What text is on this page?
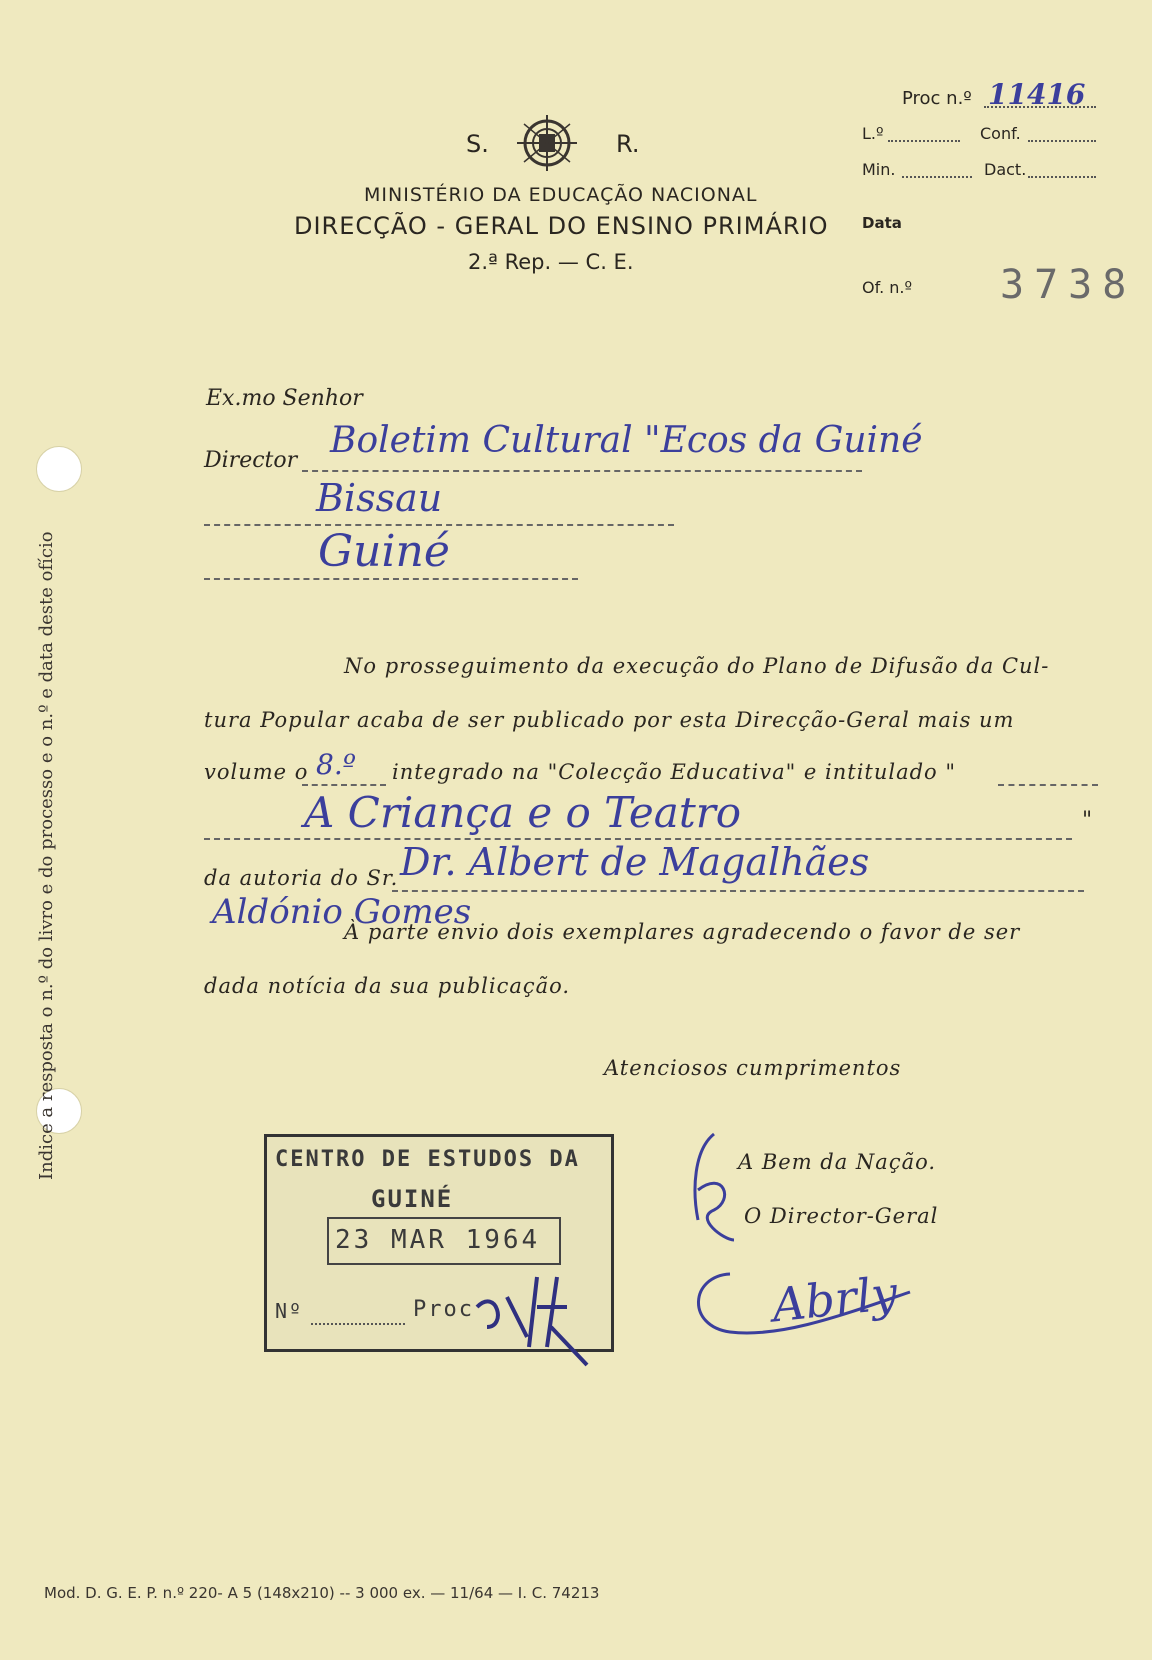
Indice a resposta o n.º do livro e do processo e o n.º e data deste ofício
S.	R.
MINISTÉRIO DA EDUCAÇÃO NACIONAL
DIRECÇÃO - GERAL DO ENSINO PRIMÁRIO
2.ª Rep. — C. E.
Proc n.º 11416
L.º	Conf.
Min.	Dact.
Data
Of. n.º 3738
Ex.mo Senhor
Director Boletim Cultural "Ecos da Guiné
Bissau
Guiné
No prosseguimento da execução do Plano de Difusão da Cul-
tura Popular acaba de ser publicado por esta Direcção-Geral mais um
volume o 8.º integrado na "Colecção Educativa" e intitulado "
A Criança e o Teatro	"
da autoria do Sr. Dr. Albert de Magalhães
Aldónio Gomes
À parte envio dois exemplares agradecendo o favor de ser
dada notícia da sua publicação.
Atenciosos cumprimentos
A Bem da Nação.
O Director-Geral
Abrly
CENTRO DE ESTUDOS DA
GUINÉ
23 MAR 1964
Nº	Proc
Mod. D. G. E. P. n.º 220- A 5 (148x210) -- 3 000 ex. — 11/64 — I. C. 74213
